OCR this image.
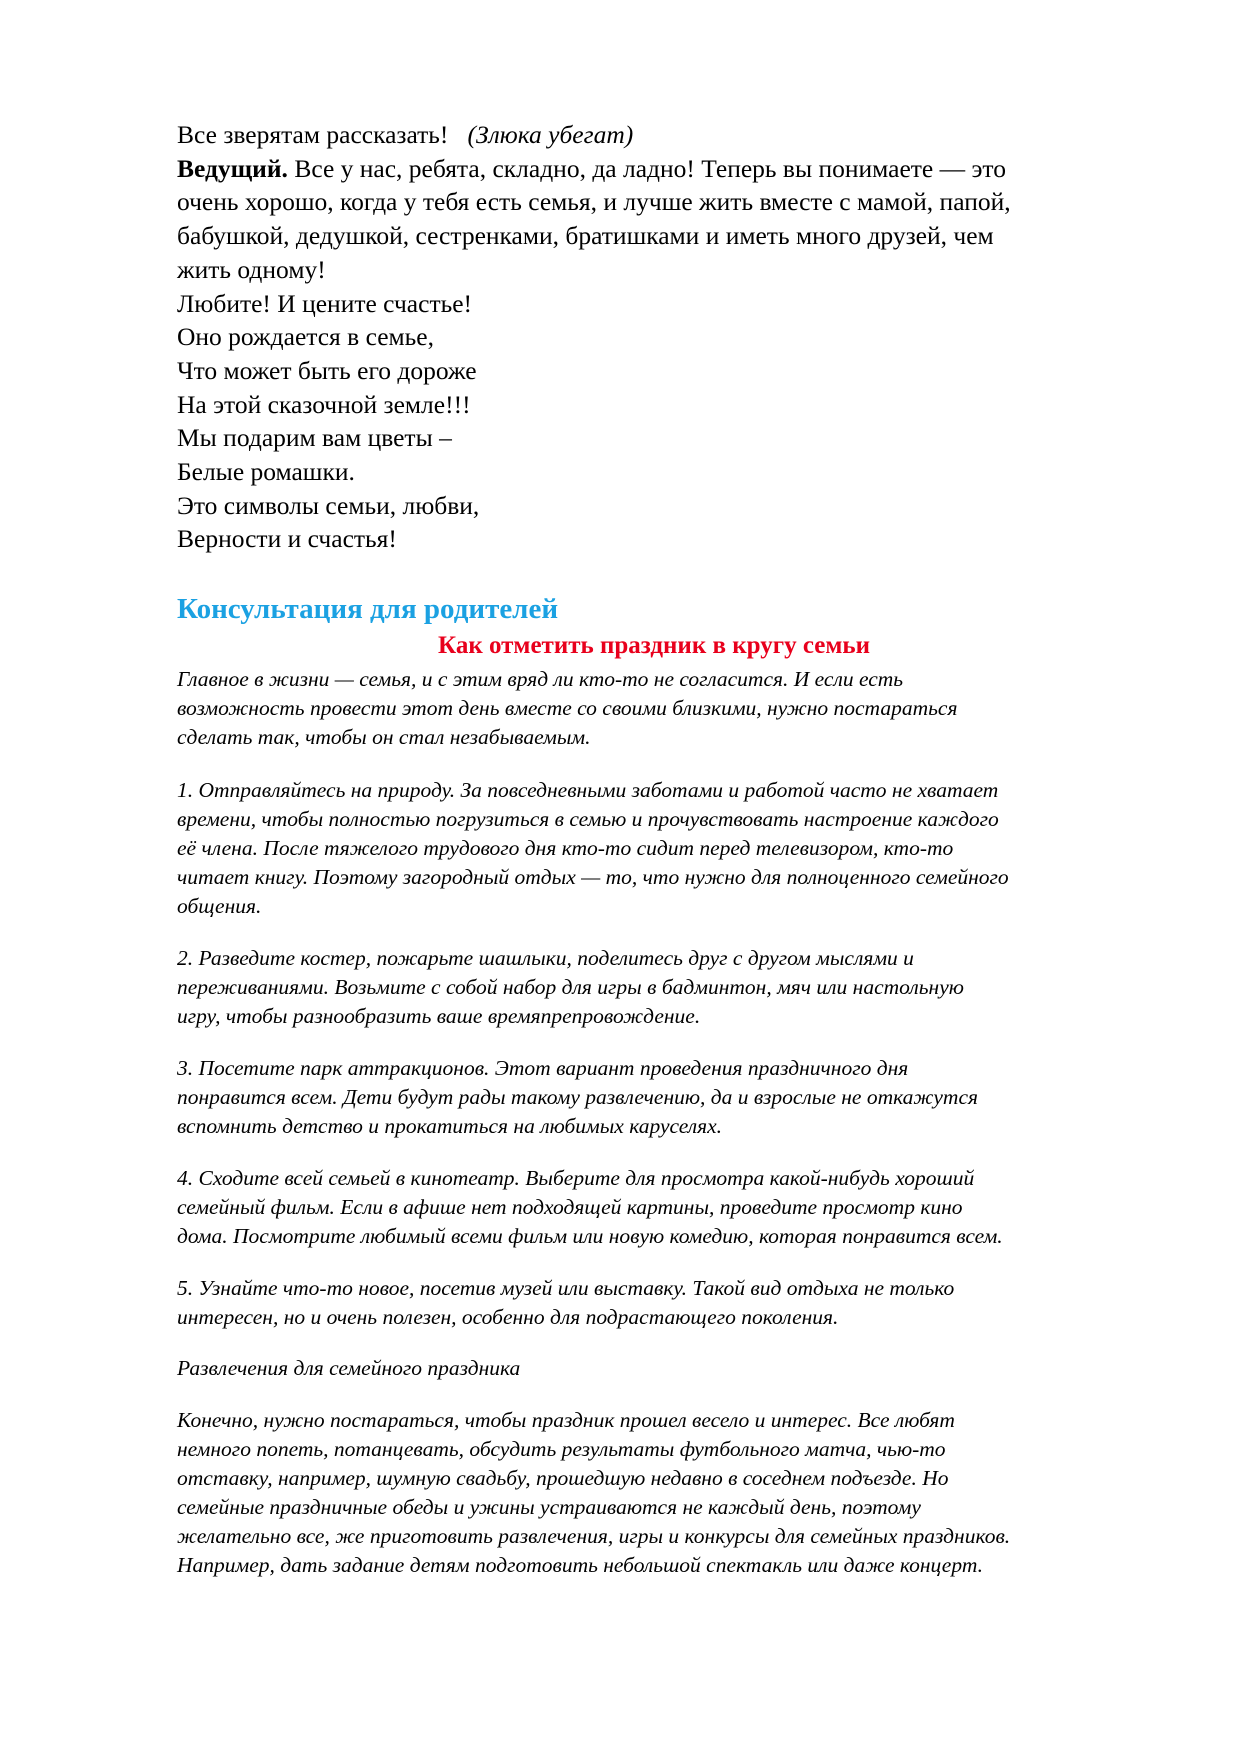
Все зверятам рассказать! (Злюка убегат)
Ведущий. Все у нас, ребята, складно, да ладно! Теперь вы понимаете — это
очень хорошо, когда у тебя есть семья, и лучше жить вместе с мамой, папой,
бабушкой, дедушкой, сестренками, братишками и иметь много друзей, чем
жить одному!
Любите! И цените счастье!
Оно рождается в семье,
Что может быть его дороже
На этой сказочной земле!!!
Мы подарим вам цветы –
Белые ромашки.
Это символы семьи, любви,
Верности и счастья!
Консультация для родителей
Как отметить праздник в кругу семьи
Главное в жизни — семья, и с этим вряд ли кто-то не согласится. И если есть
возможность провести этот день вместе со своими близкими, нужно постараться
сделать так, чтобы он стал незабываемым.
1. Отправляйтесь на природу. За повседневными заботами и работой часто не хватает
времени, чтобы полностью погрузиться в семью и прочувствовать настроение каждого
её члена. После тяжелого трудового дня кто-то сидит перед телевизором, кто-то
читает книгу. Поэтому загородный отдых — то, что нужно для полноценного семейного
общения.
2. Разведите костер, пожарьте шашлыки, поделитесь друг с другом мыслями и
переживаниями. Возьмите с собой набор для игры в бадминтон, мяч или настольную
игру, чтобы разнообразить ваше времяпрепровождение.
3. Посетите парк аттракционов. Этот вариант проведения праздничного дня
понравится всем. Дети будут рады такому развлечению, да и взрослые не откажутся
вспомнить детство и прокатиться на любимых каруселях.
4. Сходите всей семьей в кинотеатр. Выберите для просмотра какой-нибудь хороший
семейный фильм. Если в афише нет подходящей картины, проведите просмотр кино
дома. Посмотрите любимый всеми фильм или новую комедию, которая понравится всем.
5. Узнайте что-то новое, посетив музей или выставку. Такой вид отдыха не только
интересен, но и очень полезен, особенно для подрастающего поколения.
Развлечения для семейного праздника
Конечно, нужно постараться, чтобы праздник прошел весело и интерес. Все любят
немного попеть, потанцевать, обсудить результаты футбольного матча, чью-то
отставку, например, шумную свадьбу, прошедшую недавно в соседнем подъезде. Но
семейные праздничные обеды и ужины устраиваются не каждый день, поэтому
желательно все, же приготовить развлечения, игры и конкурсы для семейных праздников.
Например, дать задание детям подготовить небольшой спектакль или даже концерт.
